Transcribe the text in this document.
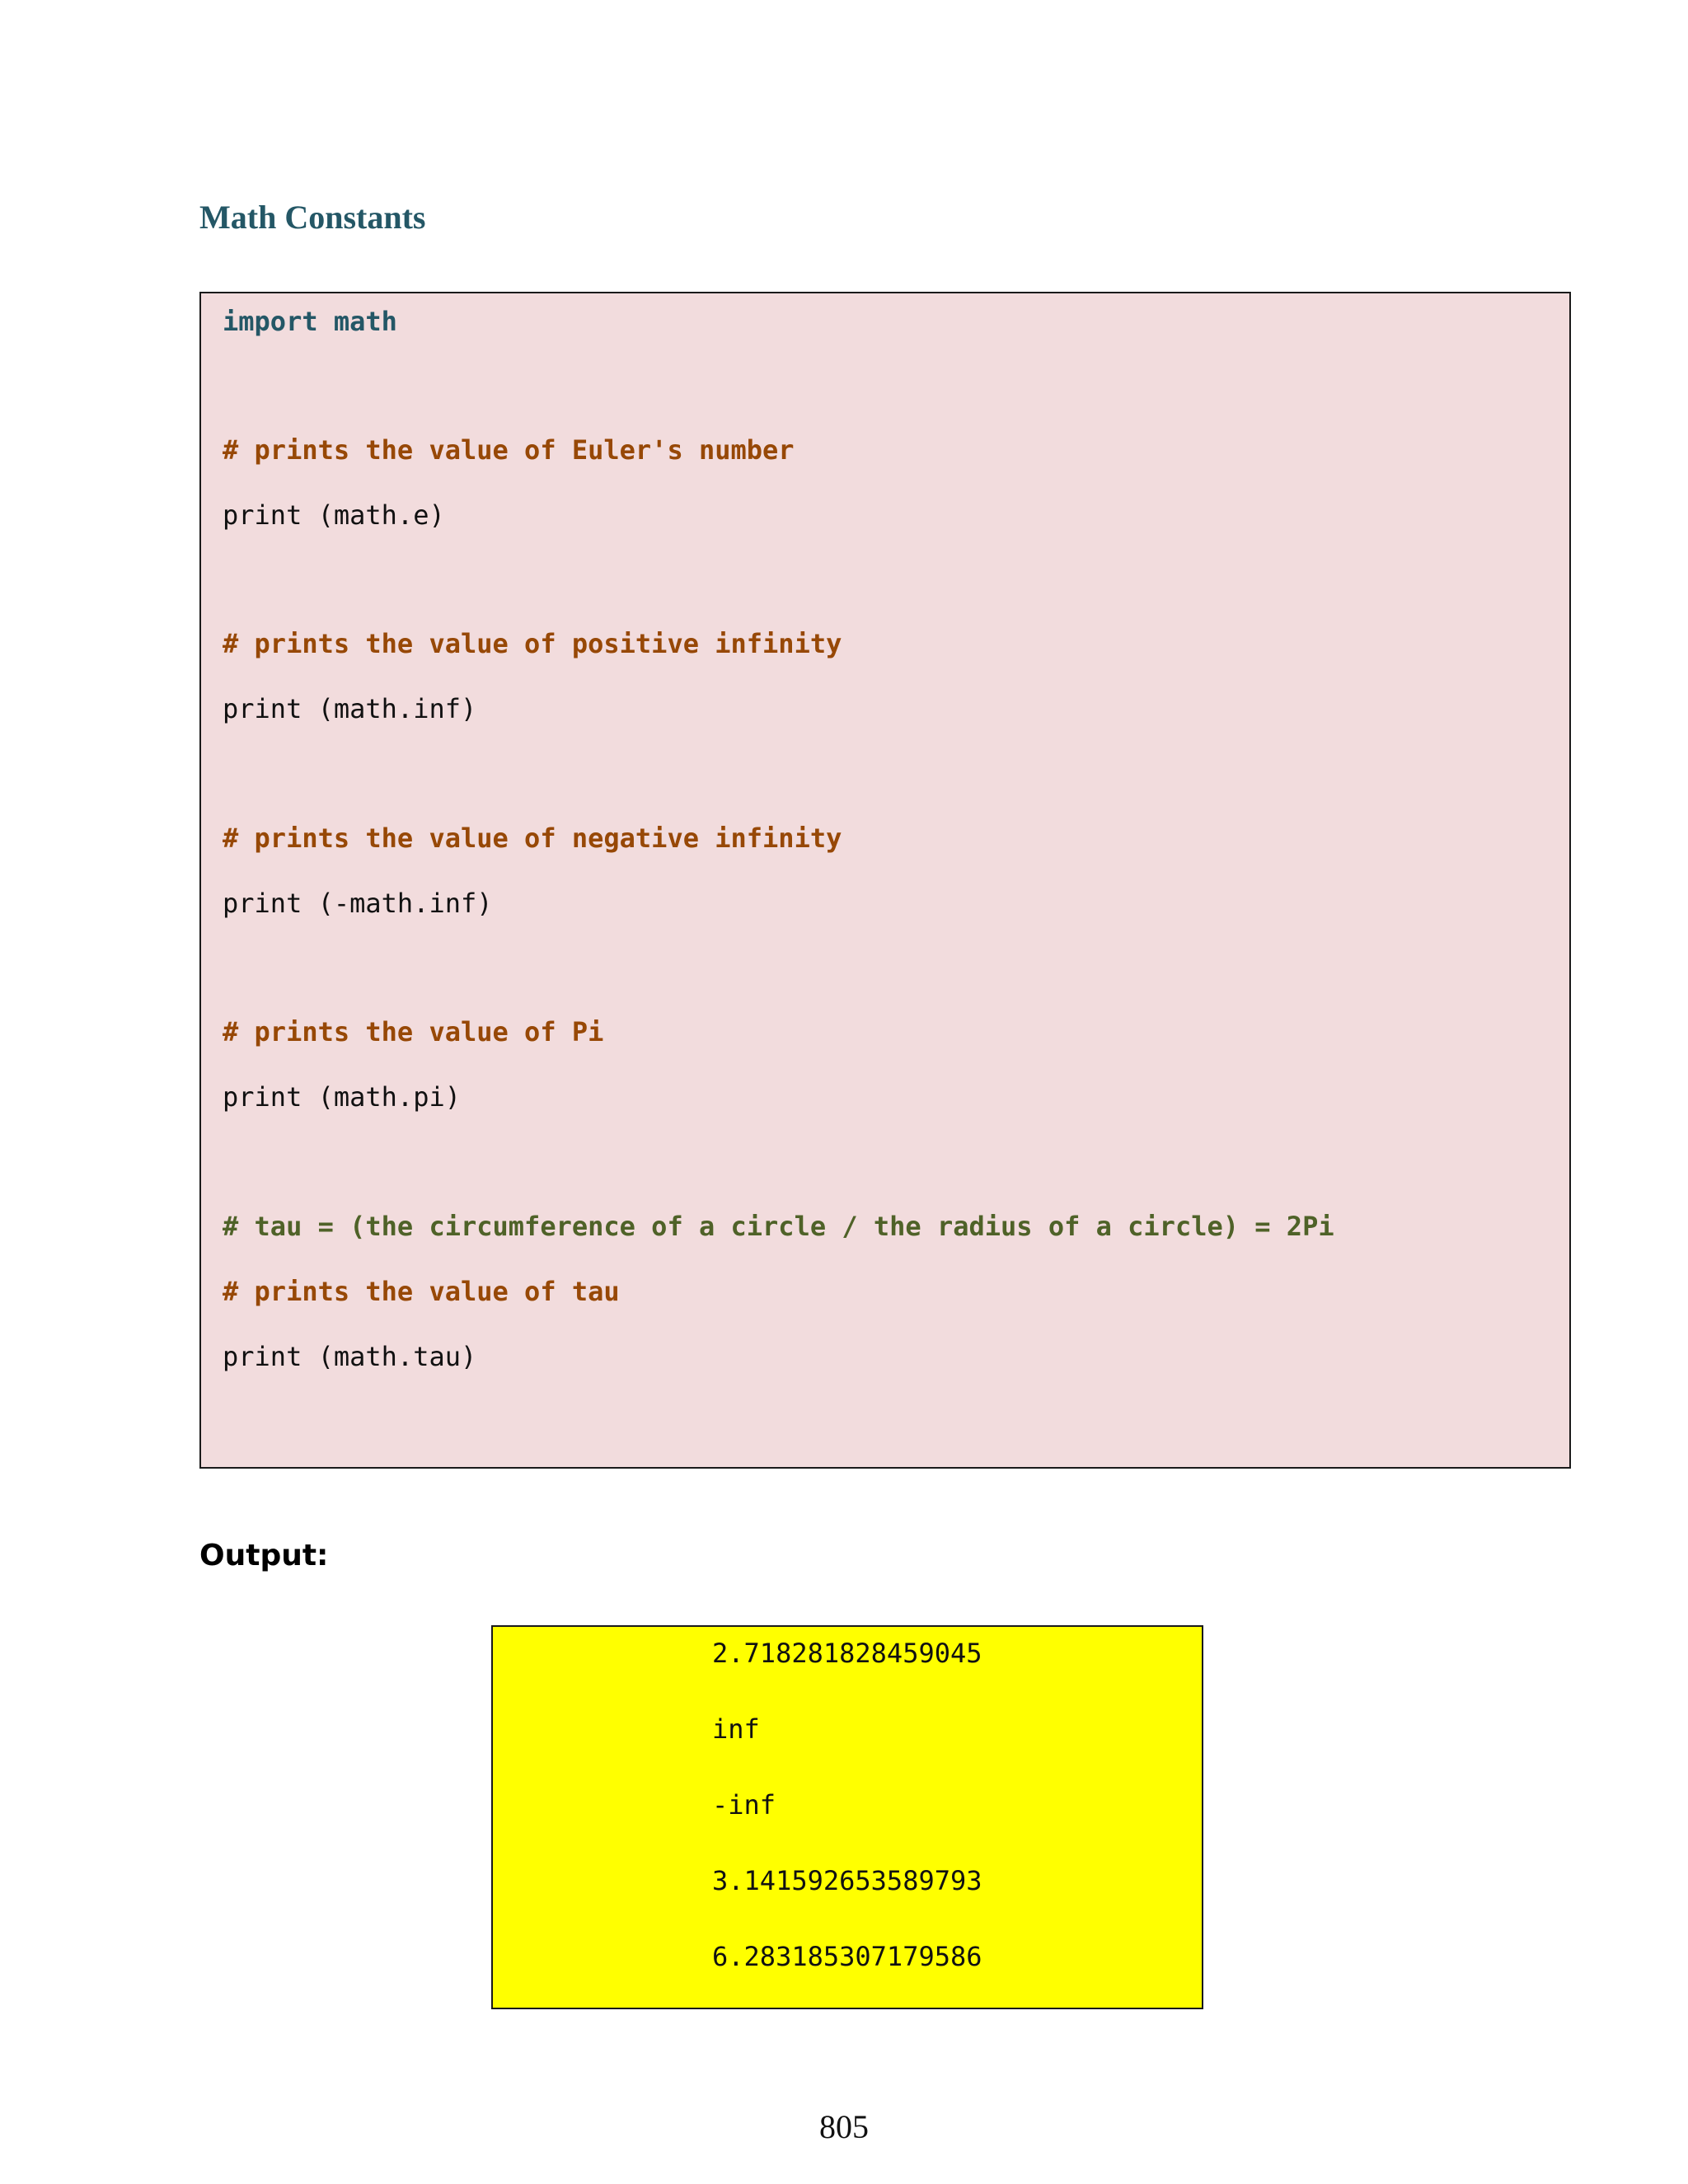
Math Constants

import math

# prints the value of Euler's number

print (math.e)

# prints the value of positive infinity

print (math.inf)

# prints the value of negative infinity

print (-math.inf)

# prints the value of Pi

print (math.pi)

# tau = (the circumference of a circle / the radius of a circle) = 2Pi

# prints the value of tau

print (math.tau)

Output:

2.718281828459045

inf

-inf

3.141592653589793

6.283185307179586

805
